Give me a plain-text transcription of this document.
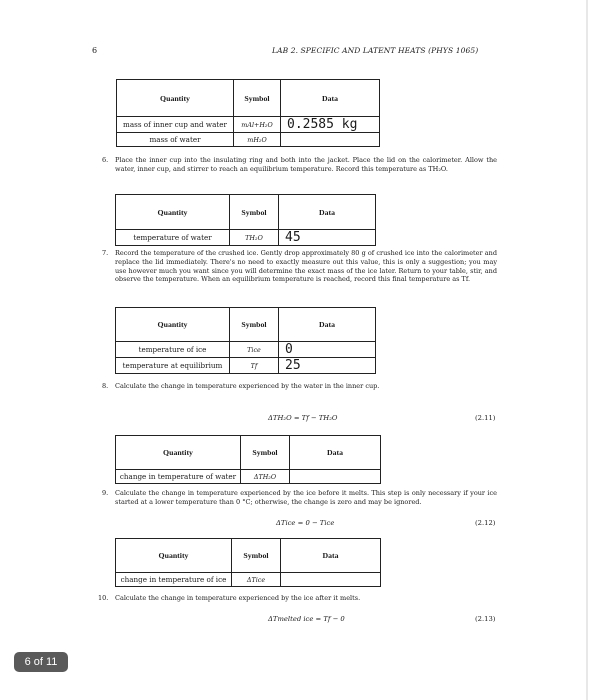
6	LAB 2. SPECIFIC AND LATENT HEATS (PHYS 1065)
Quantity	Symbol	Data
mass of inner cup and water	mAl+H₂O	0.2585 kg
mass of water	mH₂O	
6. Place the inner cup into the insulating ring and both into the jacket. Place the lid on the calorimeter. Allow the water, inner cup, and stirrer to reach an equilibrium temperature. Record this temperature as TH₂O.
Quantity	Symbol	Data
temperature of water	TH₂O	45
7. Record the temperature of the crushed ice. Gently drop approximately 80 g of crushed ice into the calorimeter and replace the lid immediately. There's no need to exactly measure out this value, this is only a suggestion; you may use however much you want since you will determine the exact mass of the ice later. Return to your table, stir, and observe the temperature. When an equilibrium temperature is reached, record this final temperature as Tf.
Quantity	Symbol	Data
temperature of ice	Tice	0
temperature at equilibrium	Tf	25
8. Calculate the change in temperature experienced by the water in the inner cup.
ΔTH₂O = Tf − TH₂O	(2.11)
Quantity	Symbol	Data
change in temperature of water	ΔTH₂O	
9. Calculate the change in temperature experienced by the ice before it melts. This step is only necessary if your ice started at a lower temperature than 0 °C; otherwise, the change is zero and may be ignored.
ΔTice = 0 − Tice	(2.12)
Quantity	Symbol	Data
change in temperature of ice	ΔTice	
10. Calculate the change in temperature experienced by the ice after it melts.
ΔTmelted ice = Tf − 0	(2.13)
6 of 11
